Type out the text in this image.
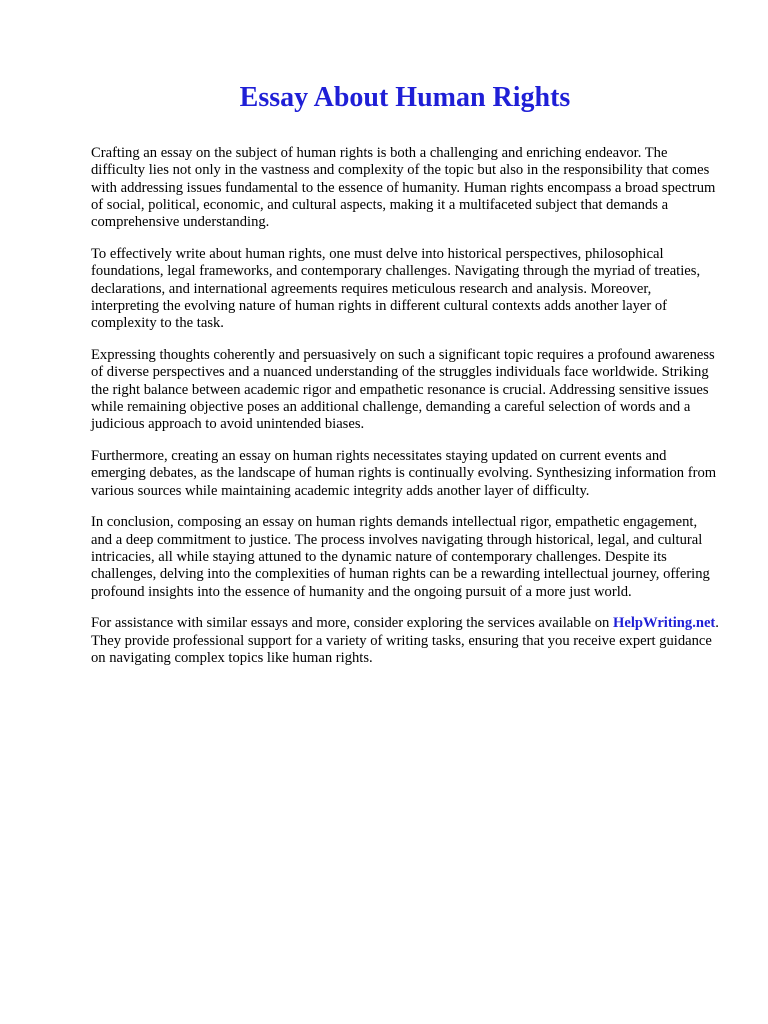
Essay About Human Rights

Crafting an essay on the subject of human rights is both a challenging and enriching endeavor. The difficulty lies not only in the vastness and complexity of the topic but also in the responsibility that comes with addressing issues fundamental to the essence of humanity. Human rights encompass a broad spectrum of social, political, economic, and cultural aspects, making it a multifaceted subject that demands a comprehensive understanding.

To effectively write about human rights, one must delve into historical perspectives, philosophical foundations, legal frameworks, and contemporary challenges. Navigating through the myriad of treaties, declarations, and international agreements requires meticulous research and analysis. Moreover, interpreting the evolving nature of human rights in different cultural contexts adds another layer of complexity to the task.

Expressing thoughts coherently and persuasively on such a significant topic requires a profound awareness of diverse perspectives and a nuanced understanding of the struggles individuals face worldwide. Striking the right balance between academic rigor and empathetic resonance is crucial. Addressing sensitive issues while remaining objective poses an additional challenge, demanding a careful selection of words and a judicious approach to avoid unintended biases.

Furthermore, creating an essay on human rights necessitates staying updated on current events and emerging debates, as the landscape of human rights is continually evolving. Synthesizing information from various sources while maintaining academic integrity adds another layer of difficulty.

In conclusion, composing an essay on human rights demands intellectual rigor, empathetic engagement, and a deep commitment to justice. The process involves navigating through historical, legal, and cultural intricacies, all while staying attuned to the dynamic nature of contemporary challenges. Despite its challenges, delving into the complexities of human rights can be a rewarding intellectual journey, offering profound insights into the essence of humanity and the ongoing pursuit of a more just world.

For assistance with similar essays and more, consider exploring the services available on HelpWriting.net. They provide professional support for a variety of writing tasks, ensuring that you receive expert guidance on navigating complex topics like human rights.
